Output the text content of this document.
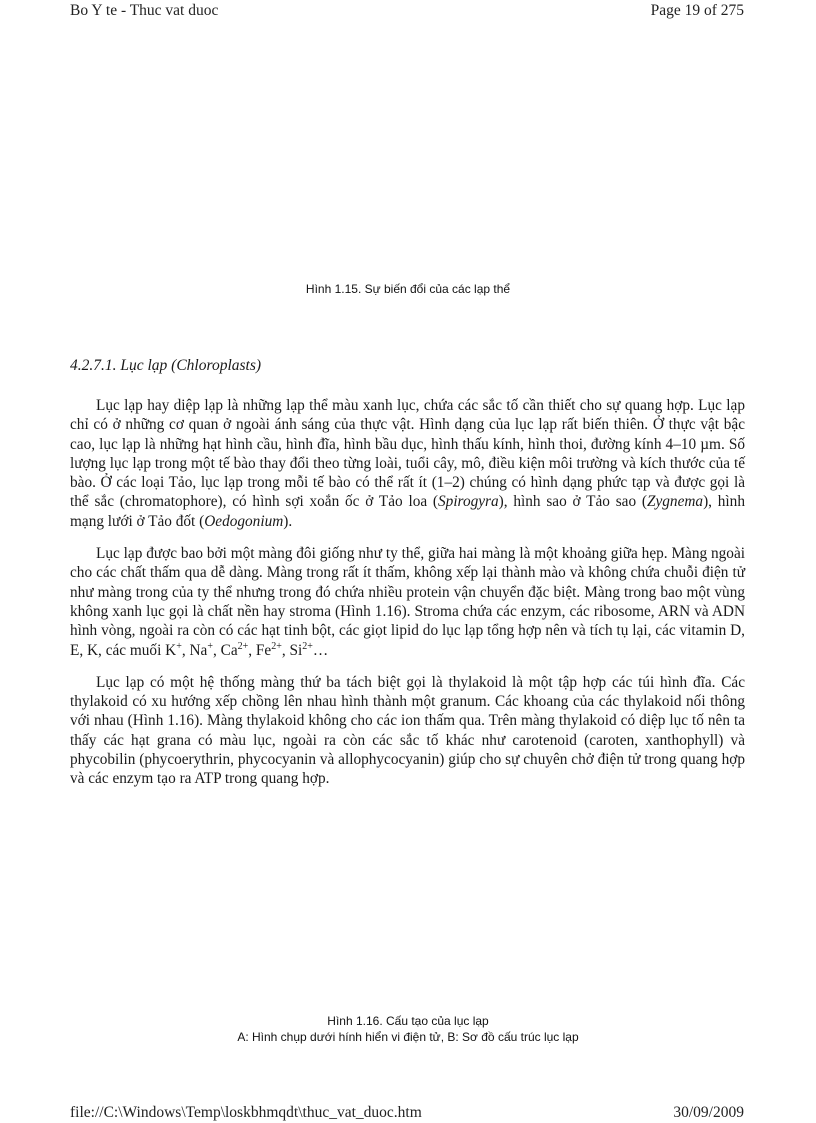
Bo Y te - Thuc vat duoc	Page 19 of 275
Hình 1.15. Sự biến đổi của các lạp thể
4.2.7.1. Lục lạp (Chloroplasts)

Lục lạp hay diệp lạp là những lạp thể màu xanh lục, chứa các sắc tố cần thiết cho sự quang hợp. Lục lạp chỉ có ở những cơ quan ở ngoài ánh sáng của thực vật. Hình dạng của lục lạp rất biến thiên. Ở thực vật bậc cao, lục lạp là những hạt hình cầu, hình đĩa, hình bầu dục, hình thấu kính, hình thoi, đường kính 4–10 µm. Số lượng lục lạp trong một tế bào thay đổi theo từng loài, tuổi cây, mô, điều kiện môi trường và kích thước của tế bào. Ở các loại Tảo, lục lạp trong mỗi tế bào có thể rất ít (1–2) chúng có hình dạng phức tạp và được gọi là thể sắc (chromatophore), có hình sợi xoắn ốc ở Tảo loa (Spirogyra), hình sao ở Tảo sao (Zygnema), hình mạng lưới ở Tảo đốt (Oedogonium).

Lục lạp được bao bởi một màng đôi giống như ty thể, giữa hai màng là một khoảng giữa hẹp. Màng ngoài cho các chất thấm qua dễ dàng. Màng trong rất ít thấm, không xếp lại thành mào và không chứa chuỗi điện tử như màng trong của ty thể nhưng trong đó chứa nhiều protein vận chuyển đặc biệt. Màng trong bao một vùng không xanh lục gọi là chất nền hay stroma (Hình 1.16). Stroma chứa các enzym, các ribosome, ARN và ADN hình vòng, ngoài ra còn có các hạt tinh bột, các giọt lipid do lục lạp tổng hợp nên và tích tụ lại, các vitamin D, E, K, các muối K+, Na+, $Ca^{2+}$, $Fe^{2+}$, $Si^{2+}\dots$

Lục lạp có một hệ thống màng thứ ba tách biệt gọi là thylakoid là một tập hợp các túi hình đĩa. Các thylakoid có xu hướng xếp chồng lên nhau hình thành một granum. Các khoang của các thylakoid nối thông với nhau (Hình 1.16). Màng thylakoid không cho các ion thấm qua. Trên màng thylakoid có diệp lục tố nên ta thấy các hạt grana có màu lục, ngoài ra còn các sắc tố khác như carotenoid (caroten, xanthophyll) và phycobilin (phycoerythrin, phycocyanin và allophycocyanin) giúp cho sự chuyên chở điện tử trong quang hợp và các enzym tạo ra ATP trong quang hợp.

Hình 1.16. Cấu tạo của lục lạp
A: Hình chụp dưới hính hiển vi điện tử, B: Sơ đồ cấu trúc lục lạp
file://C:\Windows\Temp\loskbhmqdt\thuc_vat_duoc.htm	30/09/2009
